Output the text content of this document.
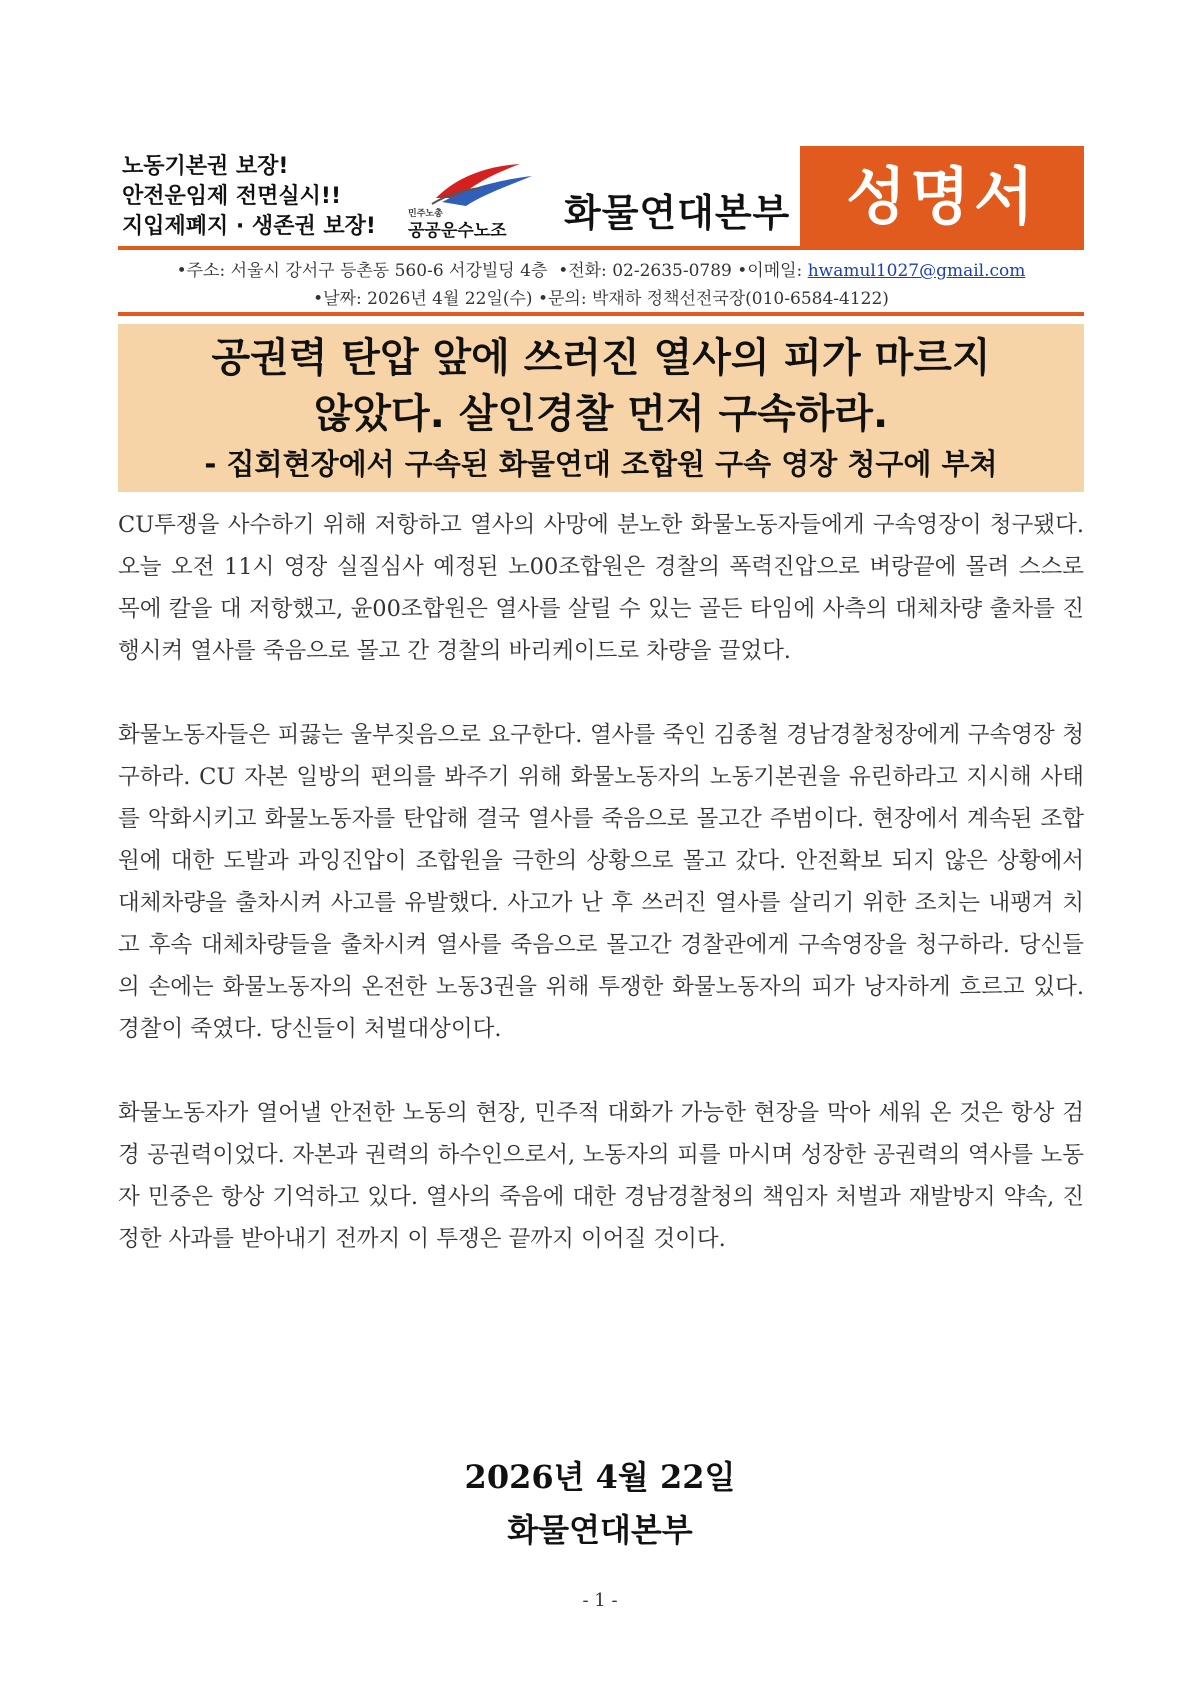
노동기본권 보장!
안전운임제 전면실시!!
지입제폐지 · 생존권 보장!	민주노총
공공운수노조 화물연대본부 성명서
•주소: 서울시 강서구 등촌동 560-6 서강빌딩 4층 •전화: 02-2635-0789 •이메일: hwamul1027@gmail.com
•날짜: 2026년 4월 22일(수) •문의: 박재하 정책선전국장(010-6584-4122)
공권력 탄압 앞에 쓰러진 열사의 피가 마르지
않았다. 살인경찰 먼저 구속하라.
- 집회현장에서 구속된 화물연대 조합원 구속 영장 청구에 부쳐

CU투쟁을 사수하기 위해 저항하고 열사의 사망에 분노한 화물노동자들에게 구속영장이 청구됐다. 오늘 오전 11시 영장 실질심사 예정된 노00조합원은 경찰의 폭력진압으로 벼랑끝에 몰려 스스로 목에 칼을 대 저항했고, 윤00조합원은 열사를 살릴 수 있는 골든 타임에 사측의 대체차량 출차를 진행시켜 열사를 죽음으로 몰고 간 경찰의 바리케이드로 차량을 끌었다.

화물노동자들은 피끓는 울부짖음으로 요구한다. 열사를 죽인 김종철 경남경찰청장에게 구속영장 청구하라. CU 자본 일방의 편의를 봐주기 위해 화물노동자의 노동기본권을 유린하라고 지시해 사태를 악화시키고 화물노동자를 탄압해 결국 열사를 죽음으로 몰고간 주범이다. 현장에서 계속된 조합원에 대한 도발과 과잉진압이 조합원을 극한의 상황으로 몰고 갔다. 안전확보 되지 않은 상황에서 대체차량을 출차시켜 사고를 유발했다. 사고가 난 후 쓰러진 열사를 살리기 위한 조치는 내팽겨 치고 후속 대체차량들을 출차시켜 열사를 죽음으로 몰고간 경찰관에게 구속영장을 청구하라. 당신들의 손에는 화물노동자의 온전한 노동3권을 위해 투쟁한 화물노동자의 피가 낭자하게 흐르고 있다. 경찰이 죽였다. 당신들이 처벌대상이다.

화물노동자가 열어낼 안전한 노동의 현장, 민주적 대화가 가능한 현장을 막아 세워 온 것은 항상 검경 공권력이었다. 자본과 권력의 하수인으로서, 노동자의 피를 마시며 성장한 공권력의 역사를 노동자 민중은 항상 기억하고 있다. 열사의 죽음에 대한 경남경찰청의 책임자 처벌과 재발방지 약속, 진정한 사과를 받아내기 전까지 이 투쟁은 끝까지 이어질 것이다.

2026년 4월 22일
화물연대본부
- 1 -
